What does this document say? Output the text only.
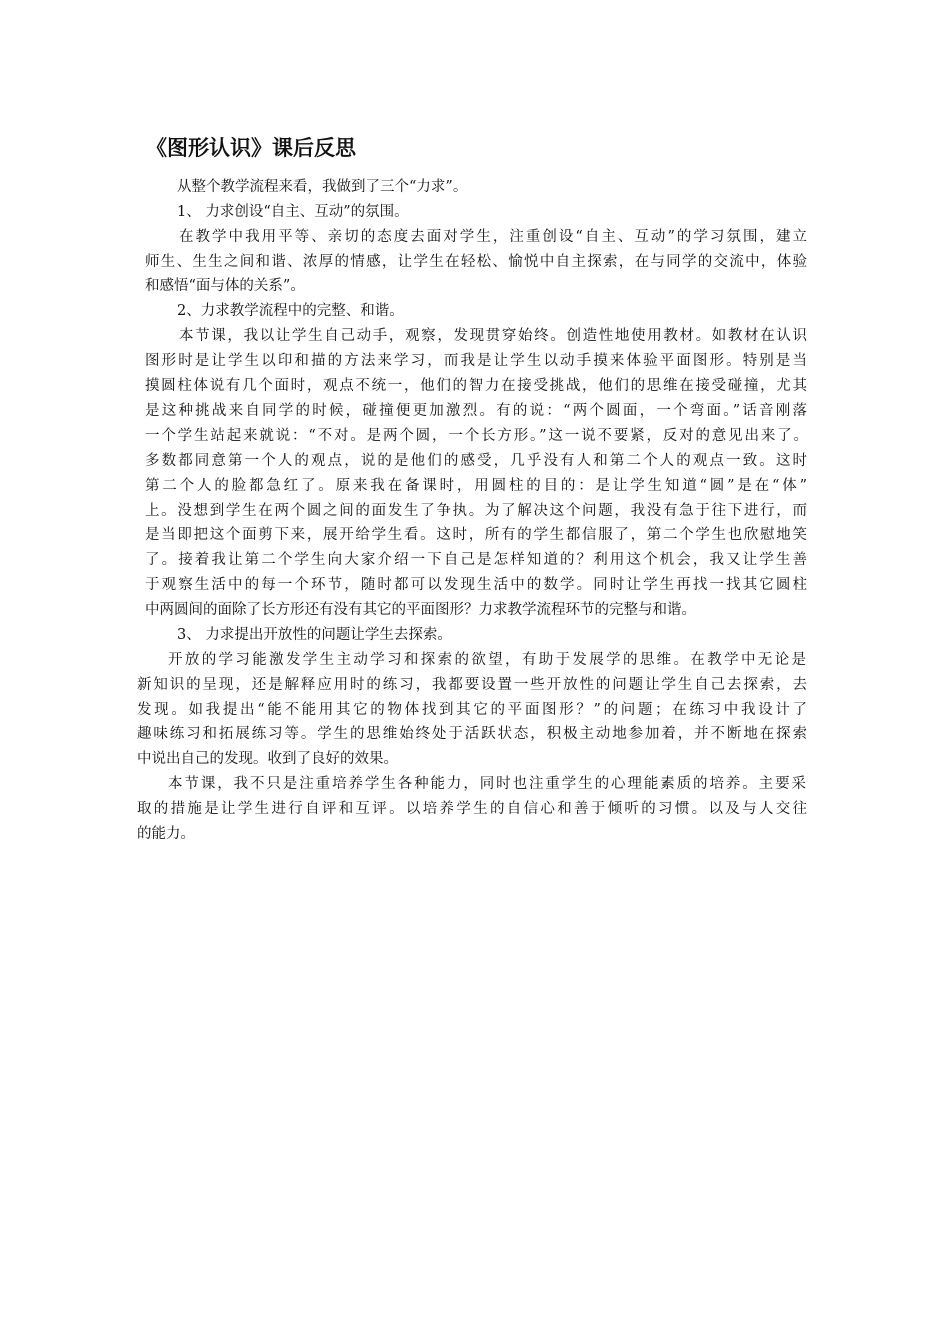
《图形认识》课后反思
从整个教学流程来看，我做到了三个“力求”。
1、 力求创设“自主、互动”的氛围。
在教学中我用平等、亲切的态度去面对学生，注重创设“自主、互动”的学习氛围，建立
师生、生生之间和谐、浓厚的情感，让学生在轻松、愉悦中自主探索，在与同学的交流中，体验
和感悟“面与体的关系”。
2、力求教学流程中的完整、和谐。
本节课，我以让学生自己动手，观察，发现贯穿始终。创造性地使用教材。如教材在认识
图形时是让学生以印和描的方法来学习，而我是让学生以动手摸来体验平面图形。特别是当
摸圆柱体说有几个面时，观点不统一，他们的智力在接受挑战，他们的思维在接受碰撞，尤其
是这种挑战来自同学的时候，碰撞便更加激烈。有的说：“两个圆面，一个弯面。”话音刚落
一个学生站起来就说：“不对。是两个圆，一个长方形。”这一说不要紧，反对的意见出来了。
多数都同意第一个人的观点，说的是他们的感受，几乎没有人和第二个人的观点一致。这时
第二个人的脸都急红了。原来我在备课时，用圆柱的目的：是让学生知道“圆”是在“体”
上。没想到学生在两个圆之间的面发生了争执。为了解决这个问题，我没有急于往下进行，而
是当即把这个面剪下来，展开给学生看。这时，所有的学生都信服了，第二个学生也欣慰地笑
了。接着我让第二个学生向大家介绍一下自己是怎样知道的？利用这个机会，我又让学生善
于观察生活中的每一个环节，随时都可以发现生活中的数学。同时让学生再找一找其它圆柱
中两圆间的面除了长方形还有没有其它的平面图形？力求教学流程环节的完整与和谐。
3、 力求提出开放性的问题让学生去探索。
开放的学习能激发学生主动学习和探索的欲望，有助于发展学的思维。在教学中无论是
新知识的呈现，还是解释应用时的练习，我都要设置一些开放性的问题让学生自己去探索，去
发现。如我提出“能不能用其它的物体找到其它的平面图形？”的问题；在练习中我设计了
趣味练习和拓展练习等。学生的思维始终处于活跃状态，积极主动地参加着，并不断地在探索
中说出自己的发现。收到了良好的效果。
本节课，我不只是注重培养学生各种能力，同时也注重学生的心理能素质的培养。主要采
取的措施是让学生进行自评和互评。以培养学生的自信心和善于倾听的习惯。以及与人交往
的能力。
